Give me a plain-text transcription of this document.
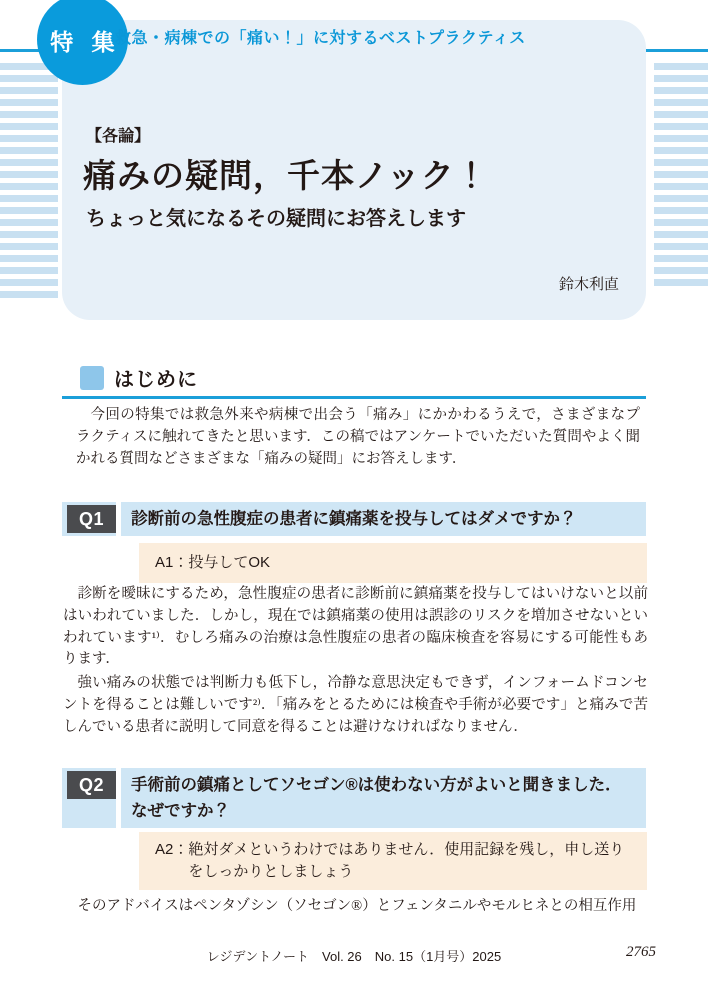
【各論】
痛みの疑問，千本ノック！
ちょっと気になるその疑問にお答えします
鈴木利直
特 集
救急・病棟での「痛い！」に対するベストプラクティス
はじめに

今回の特集では救急外来や病棟で出会う「痛み」にかかわるうえで，さまざまなプラクティスに触れてきたと思います．この稿ではアンケートでいただいた質問やよく聞かれる質問などさまざまな「痛みの疑問」にお答えします．

Q1	診断前の急性腹症の患者に鎮痛薬を投与してはダメですか？
A1： 投与してOK

診断を曖昧にするため，急性腹症の患者に診断前に鎮痛薬を投与してはいけないと以前はいわれていました．しかし，現在では鎮痛薬の使用は誤診のリスクを増加させないといわれています¹⁾．むしろ痛みの治療は急性腹症の患者の臨床検査を容易にする可能性もあります．

強い痛みの状態では判断力も低下し，冷静な意思決定もできず，インフォームドコンセントを得ることは難しいです²⁾．「痛みをとるためには検査や手術が必要です」と痛みで苦しんでいる患者に説明して同意を得ることは避けなければなりません．

Q2	手術前の鎮痛としてソセゴン®は使わない方がよいと聞きました．なぜですか？
A2： 絶対ダメというわけではありません．使用記録を残し，申し送りをしっかりとしましょう

そのアドバイスはペンタゾシン（ソセゴン®）とフェンタニルやモルヒネとの相互作用

レジデントノート　Vol. 26　No. 15（1月号）2025	2765
